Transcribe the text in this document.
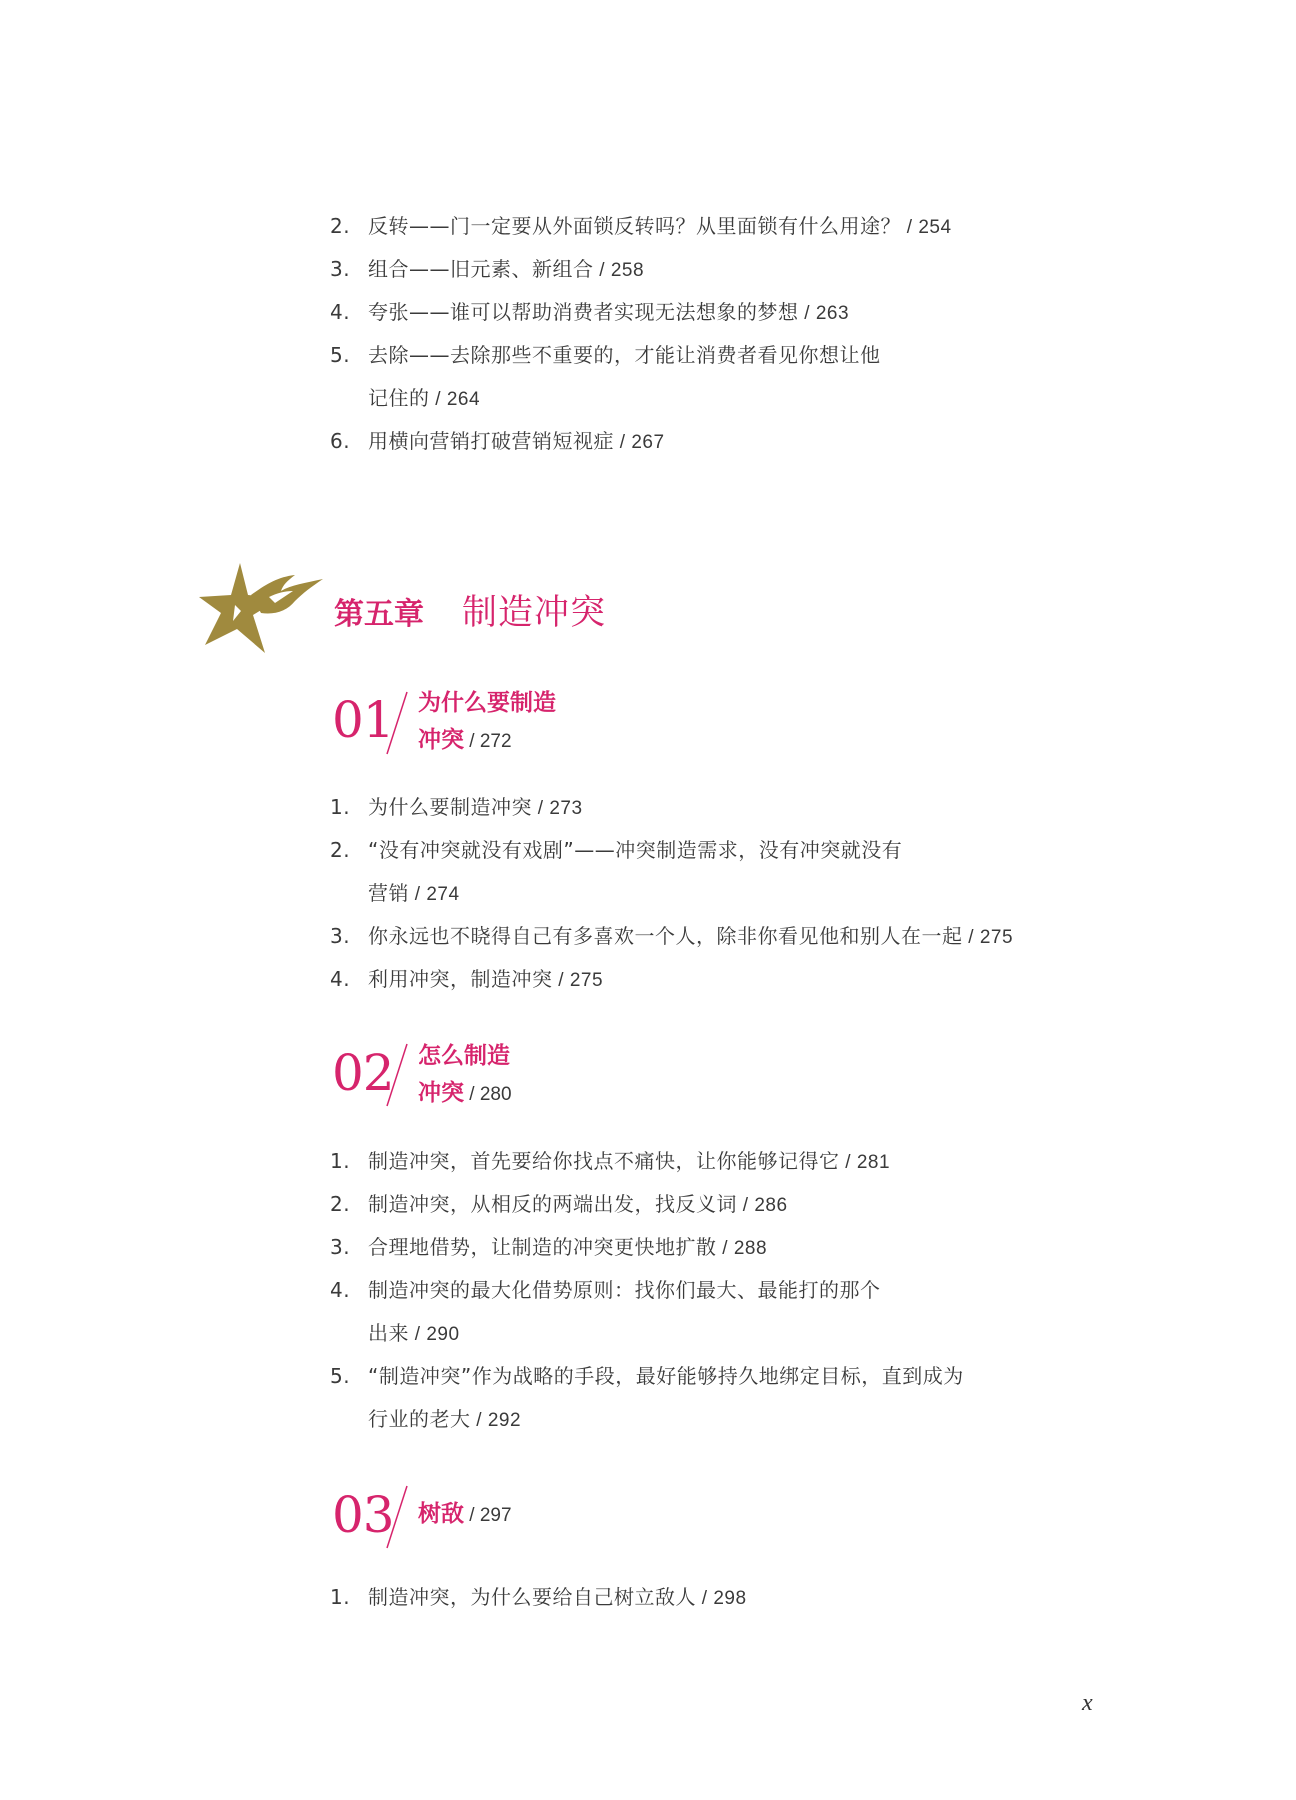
2. 反转——门一定要从外面锁反转吗？从里面锁有什么用途？ / 254
3. 组合——旧元素、新组合 / 258
4. 夸张——谁可以帮助消费者实现无法想象的梦想 / 263
5. 去除——去除那些不重要的，才能让消费者看见你想让他
记住的 / 264
6. 用横向营销打破营销短视症 / 267
第五章 制造冲突
01 为什么要制造
冲突 / 272
1. 为什么要制造冲突 / 273
2. “没有冲突就没有戏剧”——冲突制造需求，没有冲突就没有
营销 / 274
3. 你永远也不晓得自己有多喜欢一个人，除非你看见他和别人在一起 / 275
4. 利用冲突，制造冲突 / 275
02 怎么制造
冲突 / 280
1. 制造冲突，首先要给你找点不痛快，让你能够记得它 / 281
2. 制造冲突，从相反的两端出发，找反义词 / 286
3. 合理地借势，让制造的冲突更快地扩散 / 288
4. 制造冲突的最大化借势原则：找你们最大、最能打的那个
出来 / 290
5. “制造冲突”作为战略的手段，最好能够持久地绑定目标，直到成为
行业的老大 / 292
03 树敌 / 297
1. 制造冲突，为什么要给自己树立敌人 / 298
x
